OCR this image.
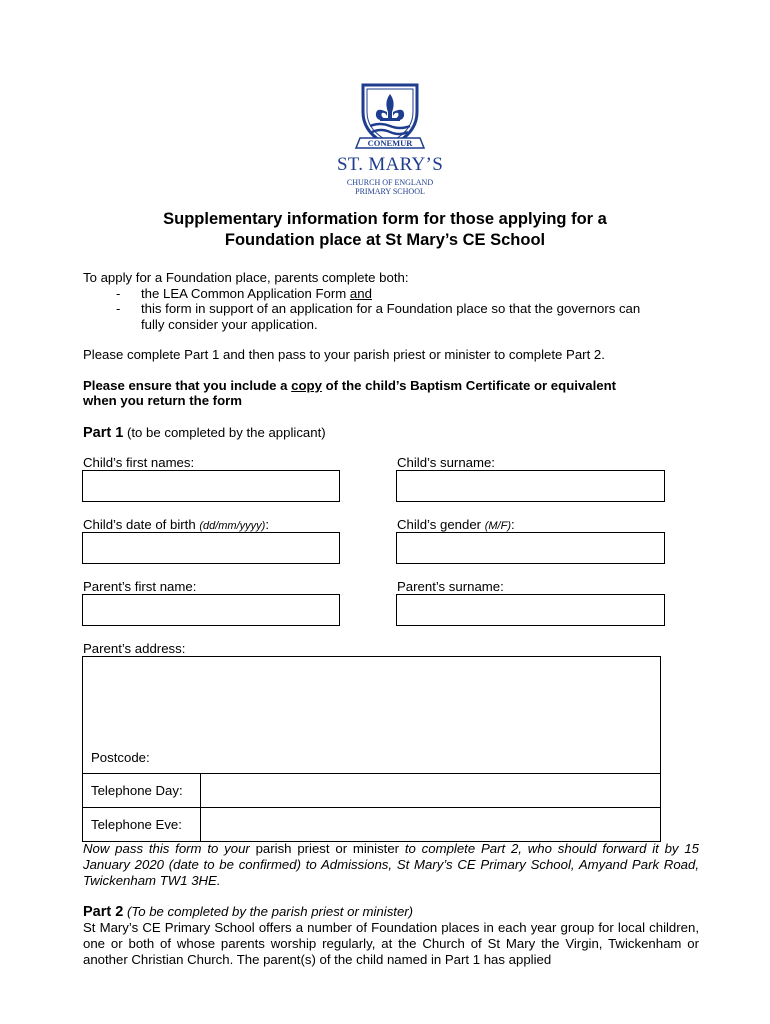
CONEMUR
ST. MARY’S
CHURCH OF ENGLAND
PRIMARY SCHOOL
Supplementary information form for those applying for a
Foundation place at St Mary’s CE School
To apply for a Foundation place, parents complete both:
- the LEA Common Application Form and
- this form in support of an application for a Foundation place so that the governors can
fully consider your application.
Please complete Part 1 and then pass to your parish priest or minister to complete Part 2.
Please ensure that you include a copy of the child’s Baptism Certificate or equivalent
when you return the form
Part 1 (to be completed by the applicant)
Child’s first names:	Child’s surname:
Child’s date of birth (dd/mm/yyyy):	Child’s gender (M/F):
Parent’s first name:	Parent’s surname:
Parent’s address:
Postcode:
Telephone Day:
Telephone Eve:
Now pass this form to your parish priest or minister to complete Part 2, who should forward it by 15 January 2020 (date to be confirmed) to Admissions, St Mary’s CE Primary School, Amyand Park Road, Twickenham TW1 3HE.
Part 2 (To be completed by the parish priest or minister)
St Mary’s CE Primary School offers a number of Foundation places in each year group for local children, one or both of whose parents worship regularly, at the Church of St Mary the Virgin, Twickenham or another Christian Church. The parent(s) of the child named in Part 1 has applied
